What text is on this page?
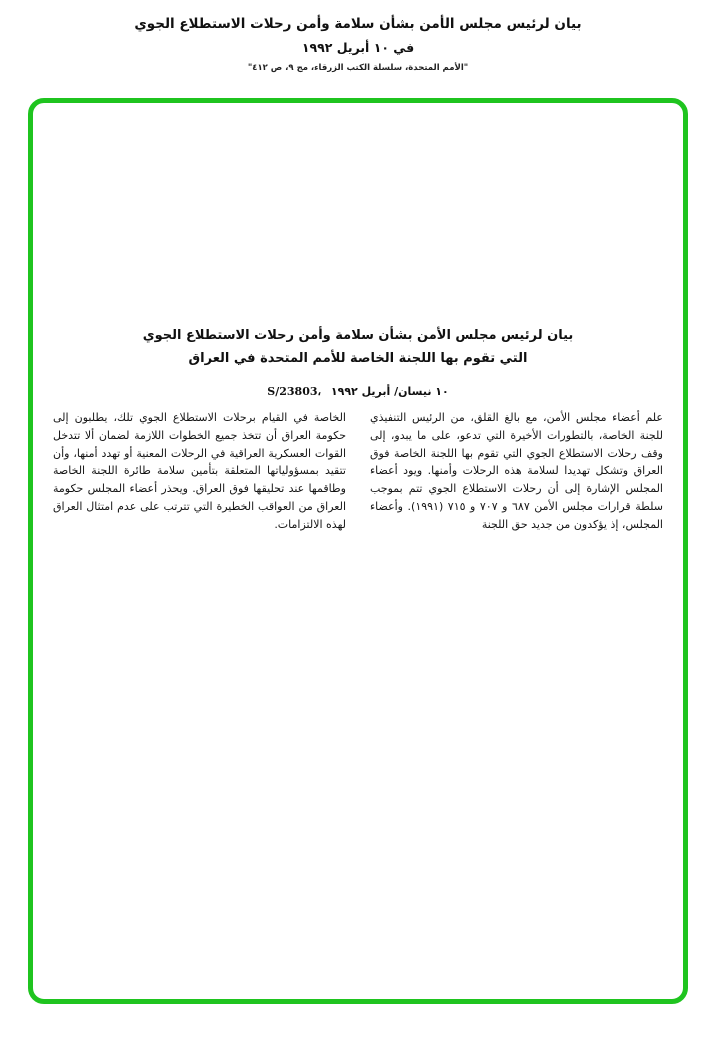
بيان لرئيس مجلس الأمن بشأن سلامة وأمن رحلات الاستطلاع الجوي
في ١٠ أبريل ١٩٩٢
"الأمم المتحدة، سلسلة الكتب الزرقاء، مج ٩، ص ٤١٢"
بيان لرئيس مجلس الأمن بشأن سلامة وأمن رحلات الاستطلاع الجوي
التي تقوم بها اللجنة الخاصة للأمم المتحدة في العراق
S/23803، ١٠ نيسان/ أبريل ١٩٩٢
علم أعضاء مجلس الأمن، مع بالغ القلق، من الرئيس التنفيذي للجنة الخاصة، بالتطورات الأخيرة التي تدعو، على ما يبدو، إلى وقف رحلات الاستطلاع الجوي التي تقوم بها اللجنة الخاصة فوق العراق وتشكل تهديدا لسلامة هذه الرحلات وأمنها. ويود أعضاء المجلس الإشارة إلى أن رحلات الاستطلاع الجوي تتم بموجب سلطة قرارات مجلس الأمن ٦٨٧ و ٧٠٧ و ٧١٥ (١٩٩١). وأعضاء المجلس، إذ يؤكدون من جديد حق اللجنة
الخاصة في القيام برحلات الاستطلاع الجوي تلك، يطلبون إلى حكومة العراق أن تتخذ جميع الخطوات اللازمة لضمان ألا تتدخل القوات العسكرية العراقية في الرحلات المعنية أو تهدد أمنها، وأن تتقيد بمسؤولياتها المتعلقة بتأمين سلامة طائرة اللجنة الخاصة وطاقمها عند تحليقها فوق العراق. ويحذر أعضاء المجلس حكومة العراق من العواقب الخطيرة التي تترتب على عدم امتثال العراق لهذه الالتزامات.
